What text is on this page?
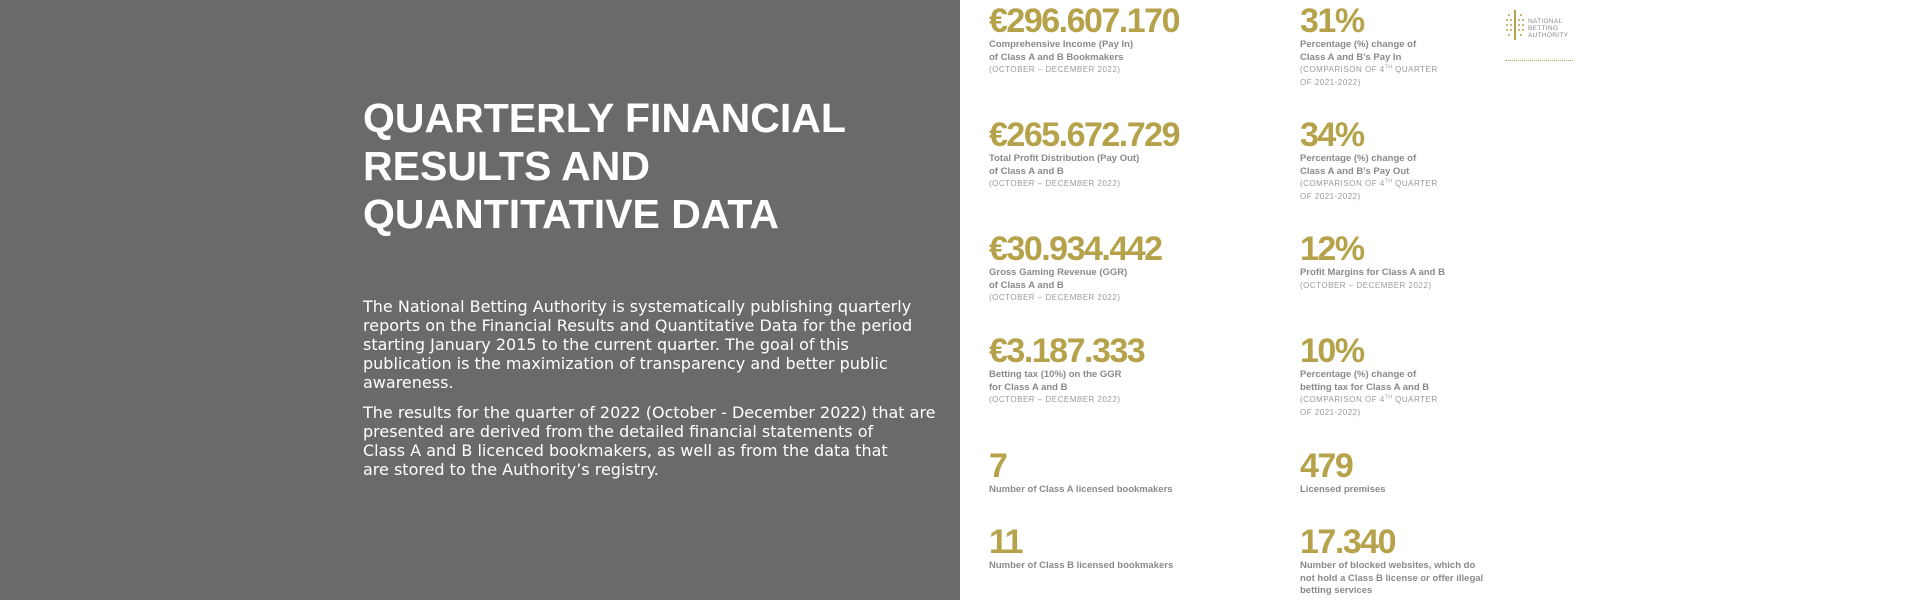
QUARTERLY FINANCIAL
RESULTS AND
QUANTITATIVE DATA

The National Betting Authority is systematically publishing quarterly
reports on the Financial Results and Quantitative Data for the period
starting January 2015 to the current quarter. The goal of this
publication is the maximization of transparency and better public
awareness.

The results for the quarter of 2022 (October - December 2022) that are
presented are derived from the detailed financial statements of
Class A and B licenced bookmakers, as well as from the data that
are stored to the Authority’s registry.

€296.607.170
Comprehensive Income (Pay In)
of Class A and B Bookmakers
(OCTOBER – DECEMBER 2022)
31%
Percentage (%) change of
Class A and B’s Pay In
(COMPARISON OF 4TH QUARTER
OF 2021-2022)
€265.672.729
Total Profit Distribution (Pay Out)
of Class A and B
(OCTOBER – DECEMBER 2022)
34%
Percentage (%) change of
Class A and B’s Pay Out
(COMPARISON OF 4TH QUARTER
OF 2021-2022)
€30.934.442
Gross Gaming Revenue (GGR)
of Class A and B
(OCTOBER – DECEMBER 2022)
12%
Profit Margins for Class A and B
(OCTOBER – DECEMBER 2022)
€3.187.333
Betting tax (10%) on the GGR
for Class A and B
(OCTOBER – DECEMBER 2022)
10%
Percentage (%) change of
betting tax for Class A and B
(COMPARISON OF 4TH QUARTER
OF 2021-2022)
7
Number of Class A licensed bookmakers
479
Licensed premises
11
Number of Class B licensed bookmakers
17.340
Number of blocked websites, which do
not hold a Class B license or offer illegal
betting services
NATIONAL
BETTING
AUTHORITY
